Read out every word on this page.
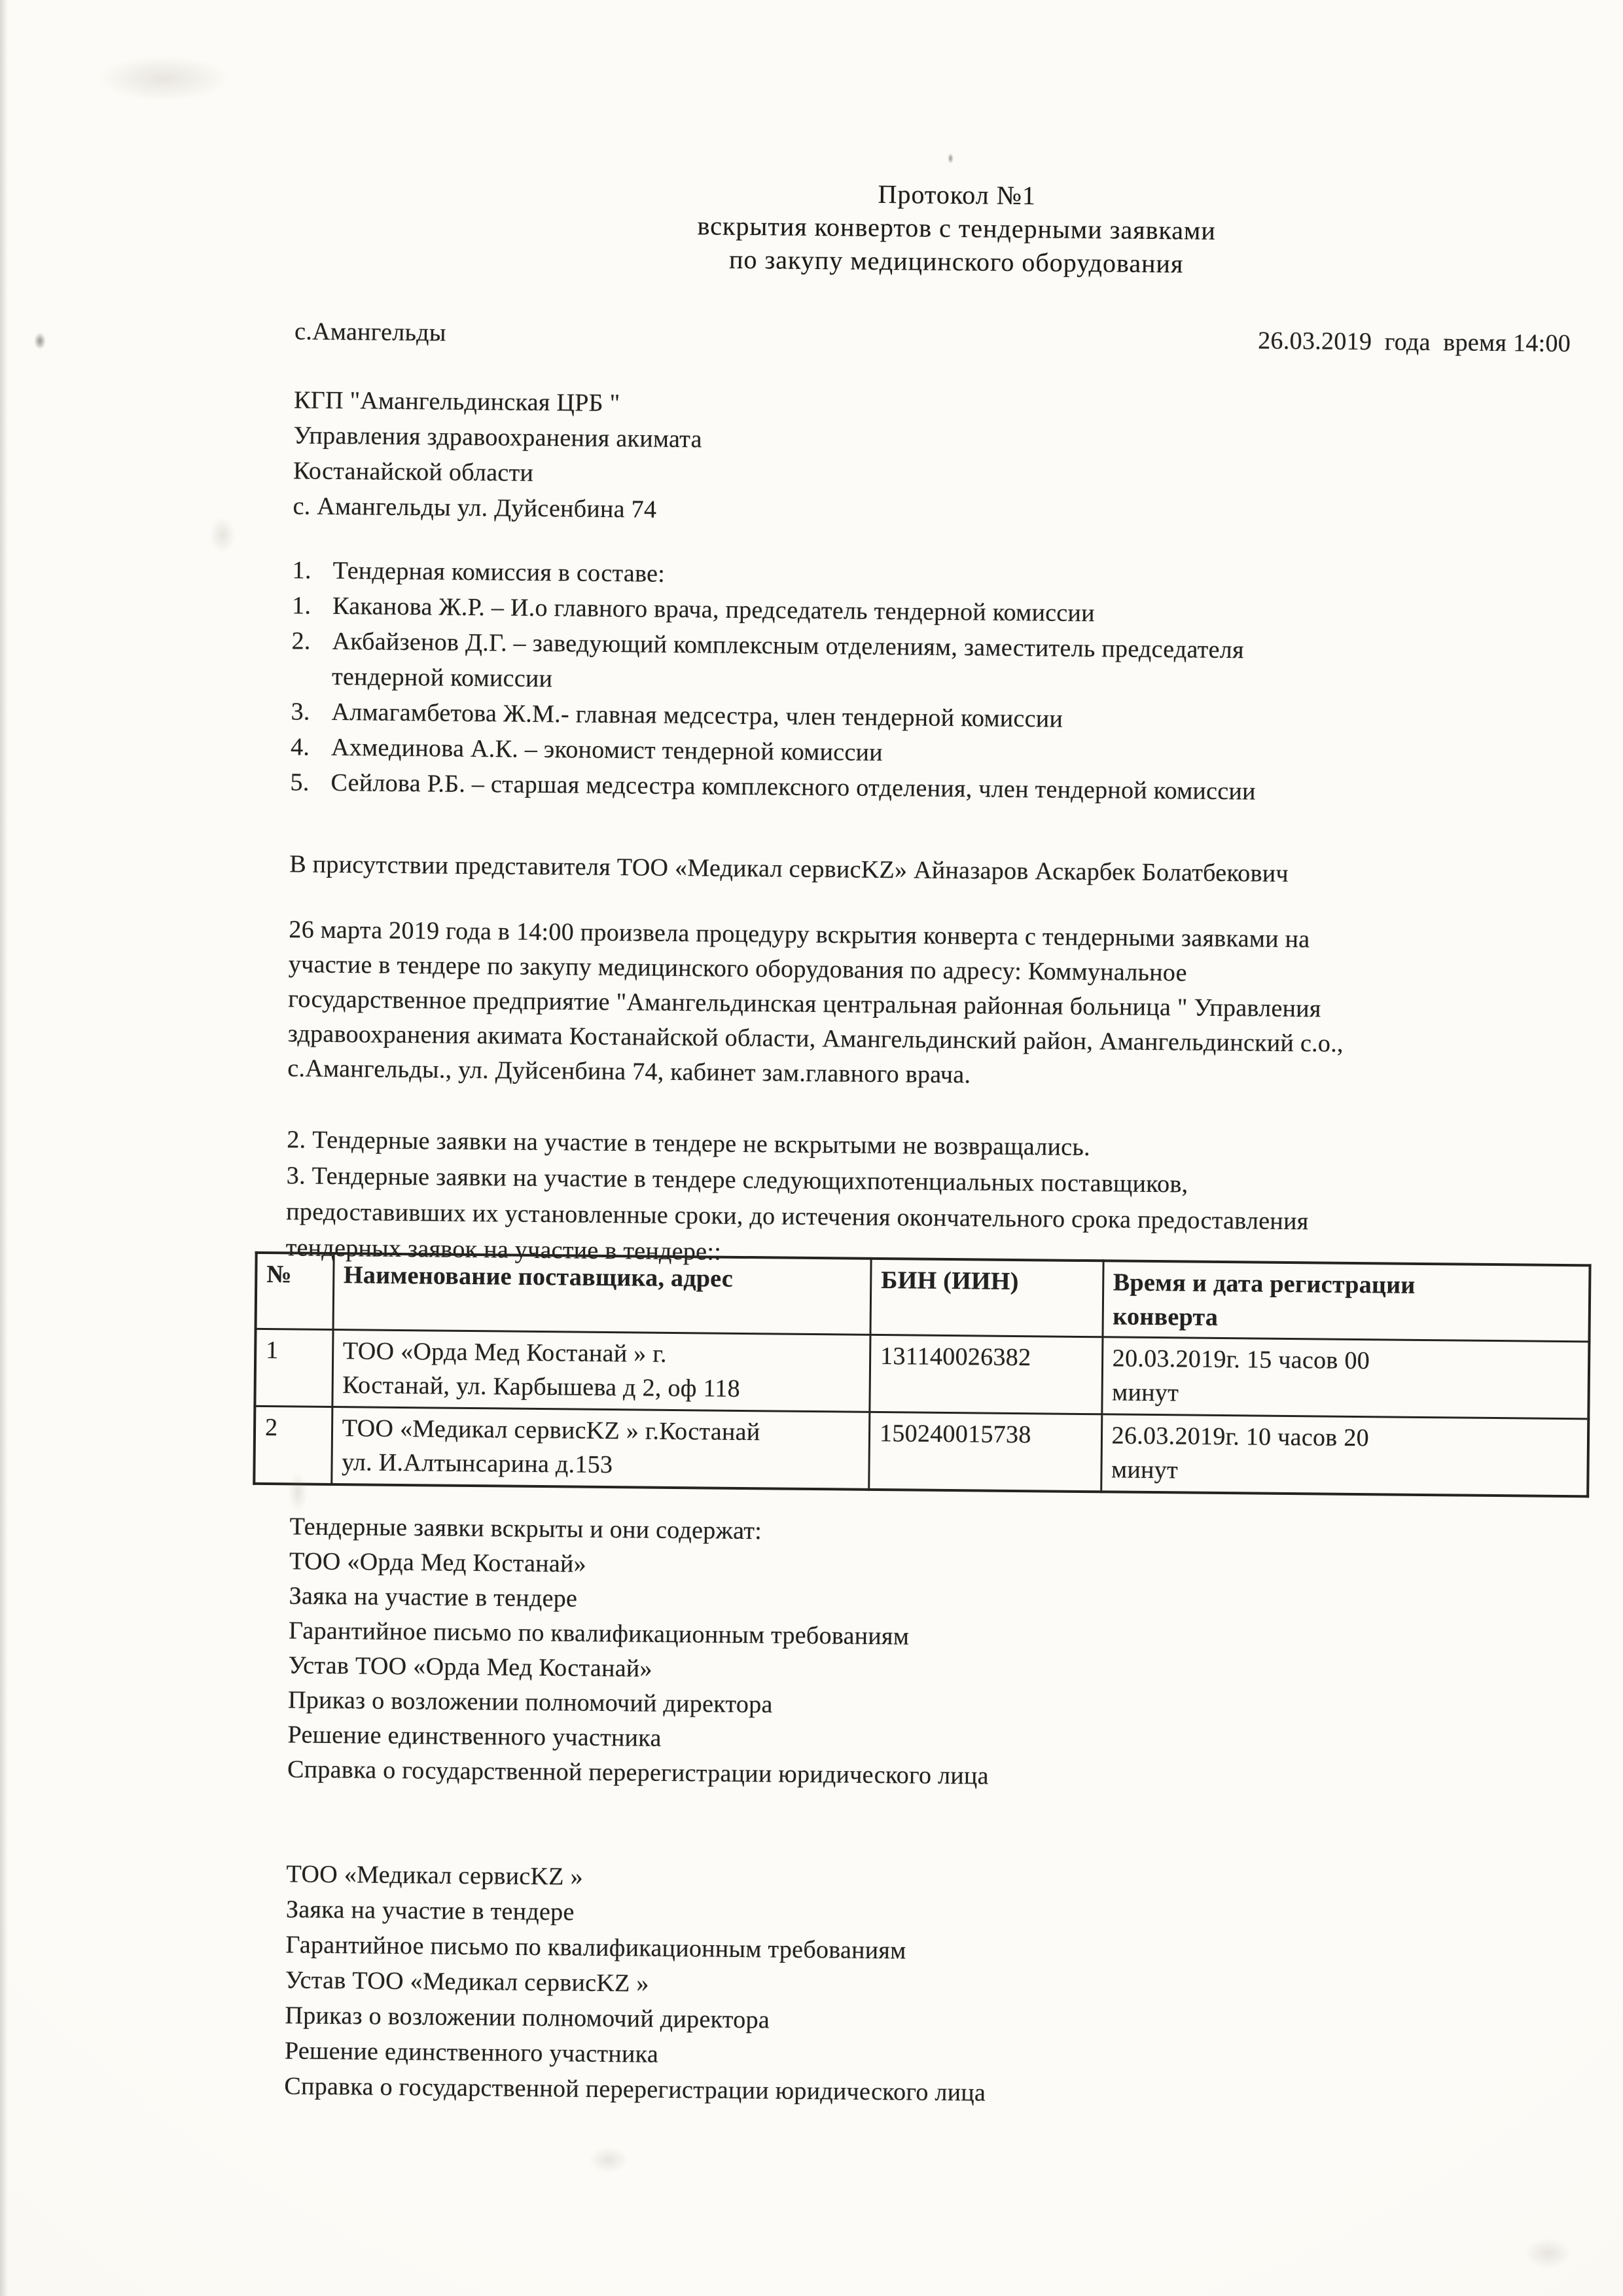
Протокол №1
вскрытия конвертов с тендерными заявками
по закупу медицинского оборудования
с.Амангельды	26.03.2019  года  время 14:00
КГП "Амангельдинская ЦРБ "
Управления здравоохранения акимата
Костанайской области
с. Амангельды ул. Дуйсенбина 74
1. Тендерная комиссия в составе:
1. Каканова Ж.Р. – И.о главного врача, председатель тендерной комиссии
2. Акбайзенов Д.Г. – заведующий комплексным отделениям, заместитель председателя
тендерной комиссии
3. Алмагамбетова Ж.М.- главная медсестра, член тендерной комиссии
4. Ахмединова А.К. – экономист тендерной комиссии
5. Сейлова Р.Б. – старшая медсестра комплексного отделения, член тендерной комиссии
В присутствии представителя ТОО «Медикал сервисKZ» Айназаров Аскарбек Болатбекович
26 марта 2019 года в 14:00 произвела процедуру вскрытия конверта с тендерными заявками на
участие в тендере по закупу медицинского оборудования по адресу: Коммунальное
государственное предприятие "Амангельдинская центральная районная больница " Управления
здравоохранения акимата Костанайской области, Амангельдинский район, Амангельдинский с.о.,
с.Амангельды., ул. Дуйсенбина 74, кабинет зам.главного врача.
2. Тендерные заявки на участие в тендере не вскрытыми не возвращались.
3. Тендерные заявки на участие в тендере следующихпотенциальных поставщиков,
предоставивших их установленные сроки, до истечения окончательного срока предоставления
тендерных заявок на участие в тендере::
№	Наименование поставщика, адрес	БИН (ИИН)	Время и дата регистрации
конверта
1	ТОО «Орда Мед Костанай » г.
Костанай, ул. Карбышева д 2, оф 118	131140026382	20.03.2019г. 15 часов 00
минут
2	ТОО «Медикал сервисKZ » г.Костанай
ул. И.Алтынсарина д.153	150240015738	26.03.2019г. 10 часов 20
минут
Тендерные заявки вскрыты и они содержат:
ТОО «Орда Мед Костанай»
Заяка на участие в тендере
Гарантийное письмо по квалификационным требованиям
Устав ТОО «Орда Мед Костанай»
Приказ о возложении полномочий директора
Решение единственного участника
Справка о государственной перерегистрации юридического лица
ТОО «Медикал сервисKZ »
Заяка на участие в тендере
Гарантийное письмо по квалификационным требованиям
Устав ТОО «Медикал сервисKZ »
Приказ о возложении полномочий директора
Решение единственного участника
Справка о государственной перерегистрации юридического лица
